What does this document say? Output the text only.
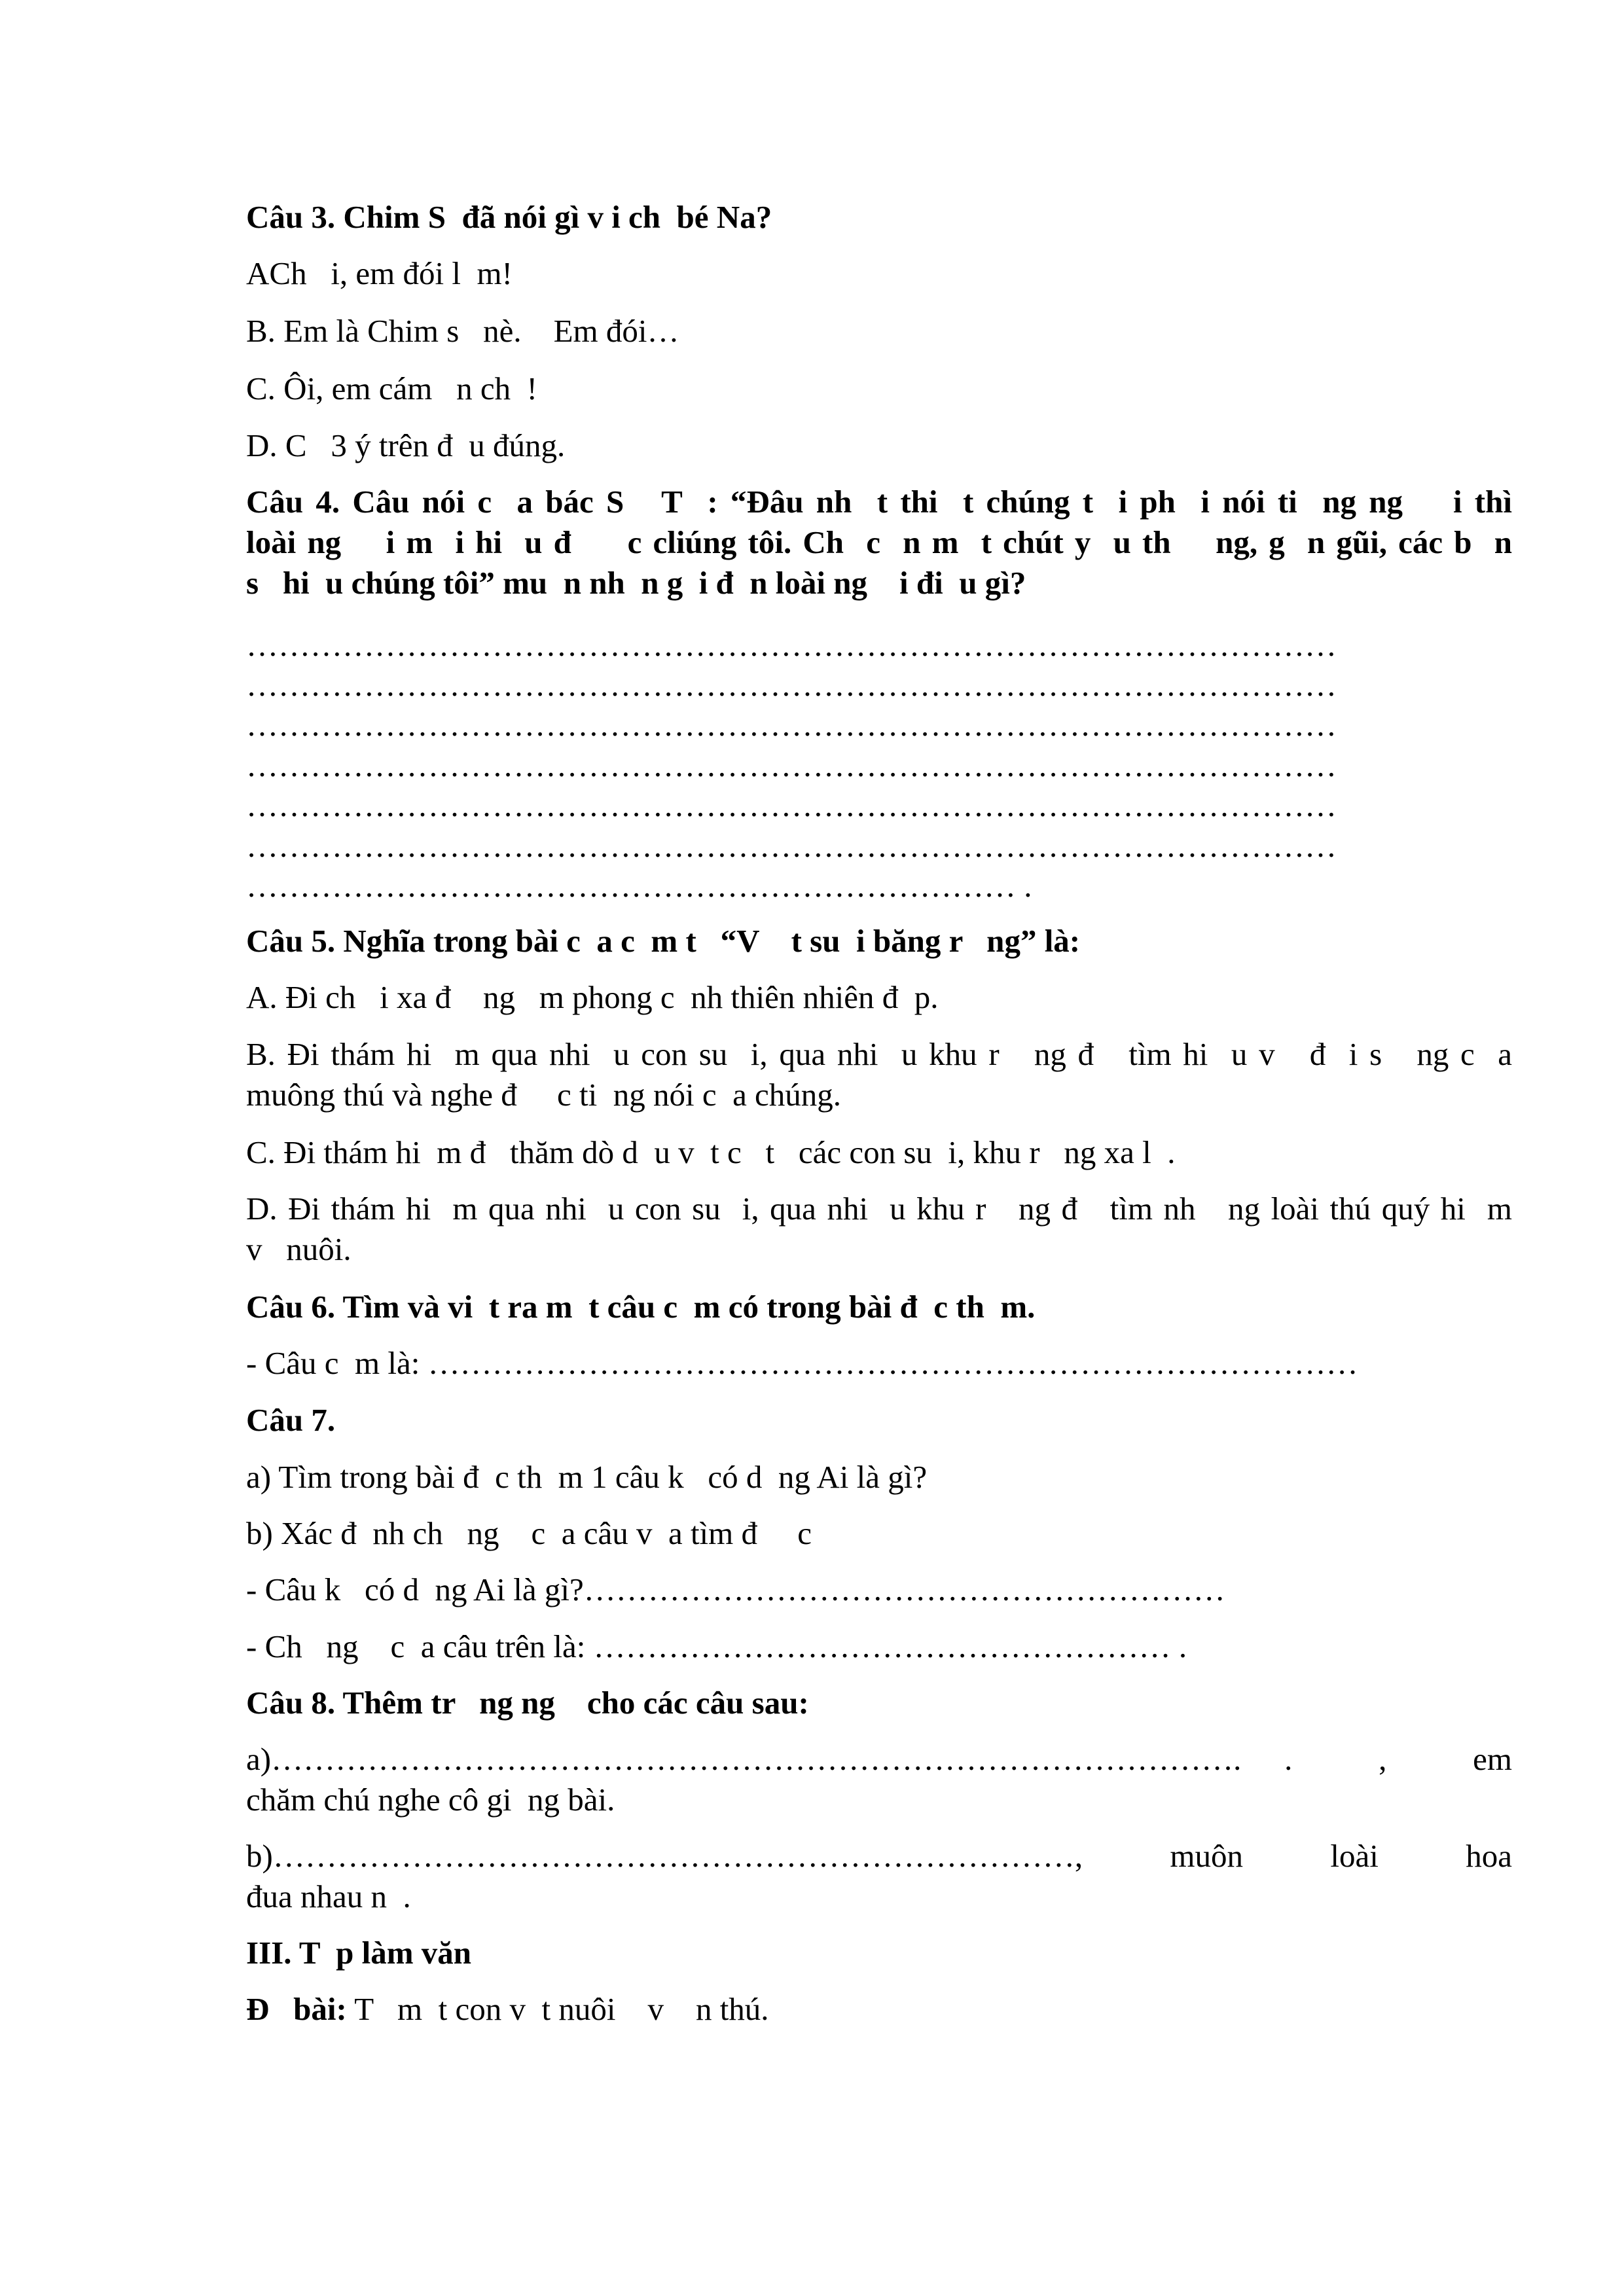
Câu 3. Chim S  đã nói gì v i ch  bé Na?

ACh   i, em đói l  m!

B. Em là Chim s   nè.    Em đói…

C. Ôi, em cám   n ch  !

D. C   3 ý trên đ  u đúng.

Câu 4. Câu nói c  a bác S   T  : “Đâu nh  t thi  t chúng t  i ph  i nói ti  ng ng    i thì
loài ng    i m  i hi  u đ     c cliúng tôi. Ch  c  n m  t chút y  u th    ng, g  n gũi, các b  n
s   hi  u chúng tôi” mu  n nh  n g  i đ  n loài ng    i đi  u gì?

…………………………………………………………………………………………

…………………………………………………………………………………………

…………………………………………………………………………………………

…………………………………………………………………………………………

…………………………………………………………………………………………

…………………………………………………………………………………………

……………………………………………………………… .

Câu 5. Nghĩa trong bài c  a c  m t   “V    t su  i băng r   ng” là:

A. Đi ch   i xa đ    ng   m phong c  nh thiên nhiên đ  p.

B. Đi thám hi  m qua nhi  u con su  i, qua nhi  u khu r   ng đ   tìm hi  u v   đ  i s   ng c  a
muông thú và nghe đ     c ti  ng nói c  a chúng.

C. Đi thám hi  m đ   thăm dò d  u v  t c   t   các con su  i, khu r   ng xa l  .

D. Đi thám hi  m qua nhi  u con su  i, qua nhi  u khu r   ng đ   tìm nh   ng loài thú quý hi  m
v   nuôi.

Câu 6. Tìm và vi  t ra m  t câu c  m có trong bài đ  c th  m.

- Câu c  m là: ……………………………………………………………………………

Câu 7.

a) Tìm trong bài đ  c th  m 1 câu k   có d  ng Ai là gì?

b) Xác đ  nh ch   ng    c  a câu v  a tìm đ     c

- Câu k   có d  ng Ai là gì?……………………………………………………

- Ch   ng    c  a câu trên là: ……………………………………………… .

Câu 8. Thêm tr   ng ng    cho các câu sau:

a)………………………………………………………………………………. .  ,  em
chăm chú nghe cô gi  ng bài.
b)…………………………………………………………………,  muôn  loài  hoa
đua nhau n  .

III. T  p làm văn

Đ   bài: T   m  t con v  t nuôi    v    n thú.
